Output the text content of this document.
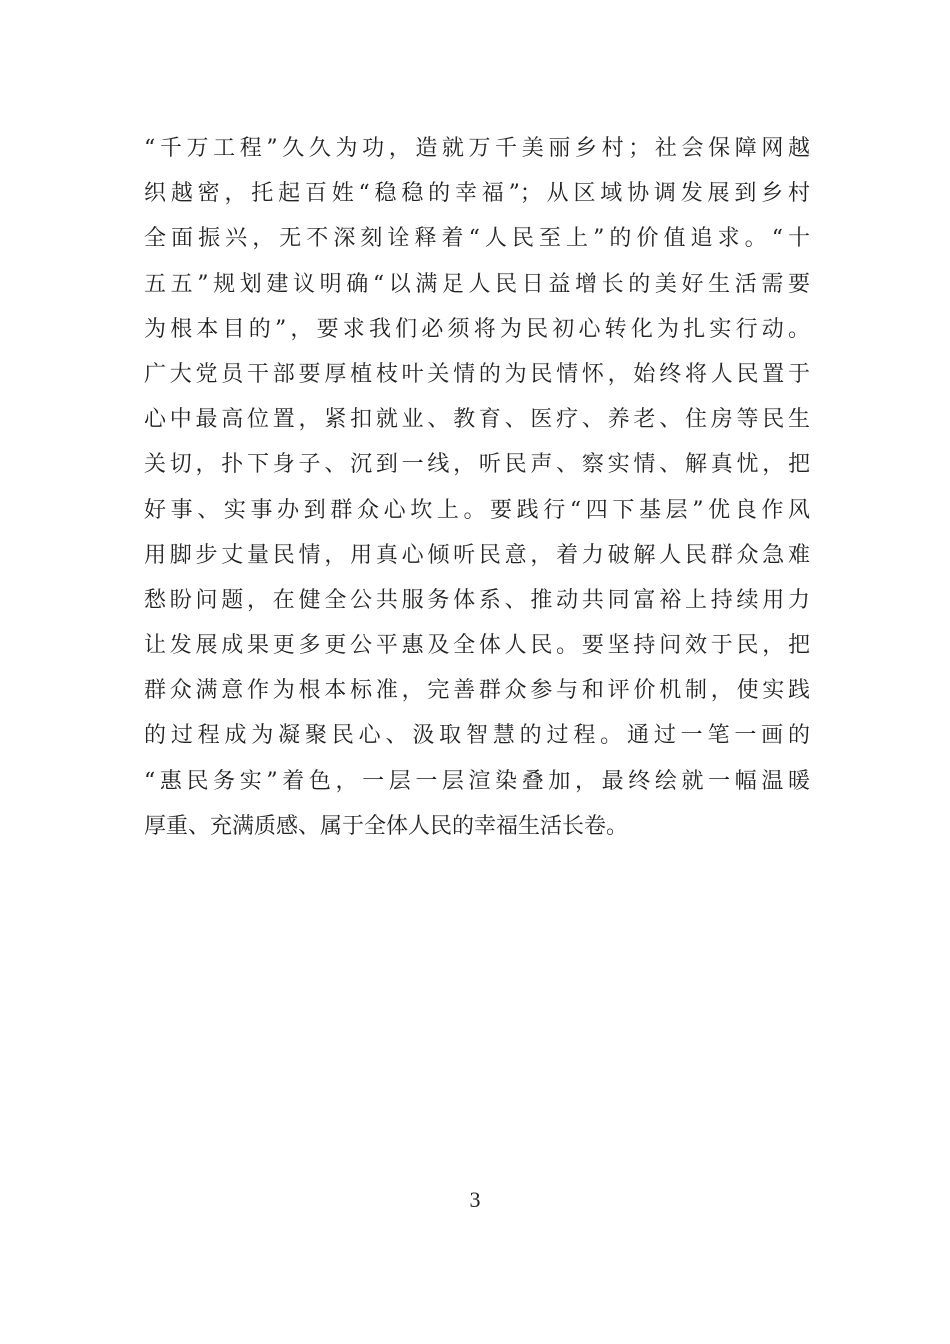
“千万工程”久久为功，造就万千美丽乡村；社会保障网越
织越密，托起百姓“稳稳的幸福”；从区域协调发展到乡村
全面振兴，无不深刻诠释着“人民至上”的价值追求。“十
五五”规划建议明确“以满足人民日益增长的美好生活需要
为根本目的”，要求我们必须将为民初心转化为扎实行动。
广大党员干部要厚植枝叶关情的为民情怀，始终将人民置于
心中最高位置，紧扣就业、教育、医疗、养老、住房等民生
关切，扑下身子、沉到一线，听民声、察实情、解真忧，把
好事、实事办到群众心坎上。要践行“四下基层”优良作风
用脚步丈量民情，用真心倾听民意，着力破解人民群众急难
愁盼问题，在健全公共服务体系、推动共同富裕上持续用力
让发展成果更多更公平惠及全体人民。要坚持问效于民，把
群众满意作为根本标准，完善群众参与和评价机制，使实践
的过程成为凝聚民心、汲取智慧的过程。通过一笔一画的
“惠民务实”着色，一层一层渲染叠加，最终绘就一幅温暖
厚重、充满质感、属于全体人民的幸福生活长卷。
3
